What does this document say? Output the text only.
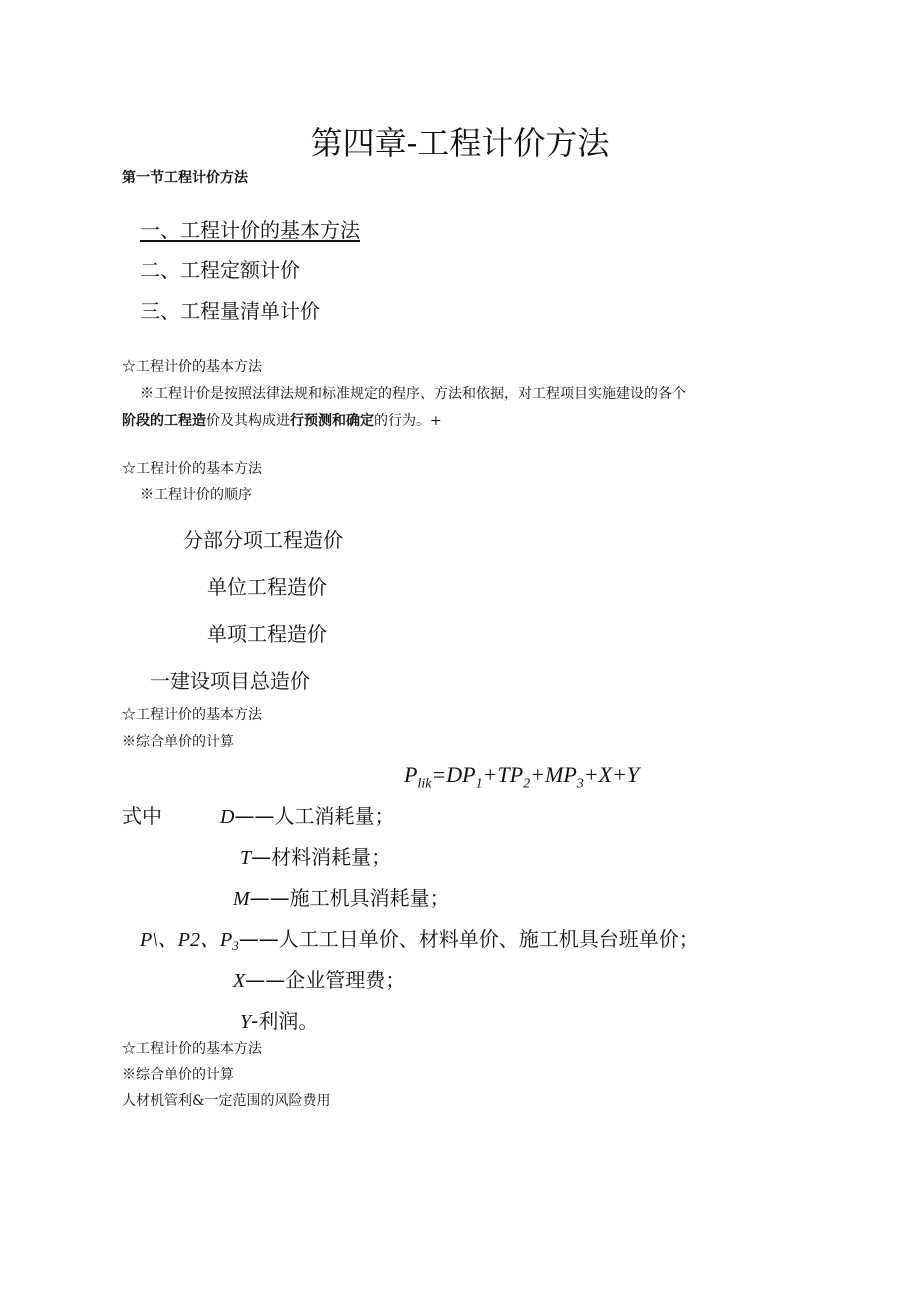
第四章-工程计价方法
第一节工程计价方法
一、工程计价的基本方法
二、工程定额计价
三、工程量清单计价
☆工程计价的基本方法
※工程计价是按照法律法规和标准规定的程序、方法和依据，对工程项目实施建设的各个
阶段的工程造价及其构成进行预测和确定的行为。+
☆工程计价的基本方法
※工程计价的顺序
分部分项工程造价
单位工程造价
单项工程造价
一建设项目总造价
☆工程计价的基本方法
※综合单价的计算
$P_{lik}=DP_1+TP_2+MP_3+X+Y$
式中	D——人工消耗量；
T—材料消耗量；
M——施工机具消耗量；
P\、P2、$P_3——$人工工日单价、材料单价、施工机具台班单价；
X——企业管理费；
Y-利润。
☆工程计价的基本方法
※综合单价的计算
人材机管利&一定范围的风险费用
